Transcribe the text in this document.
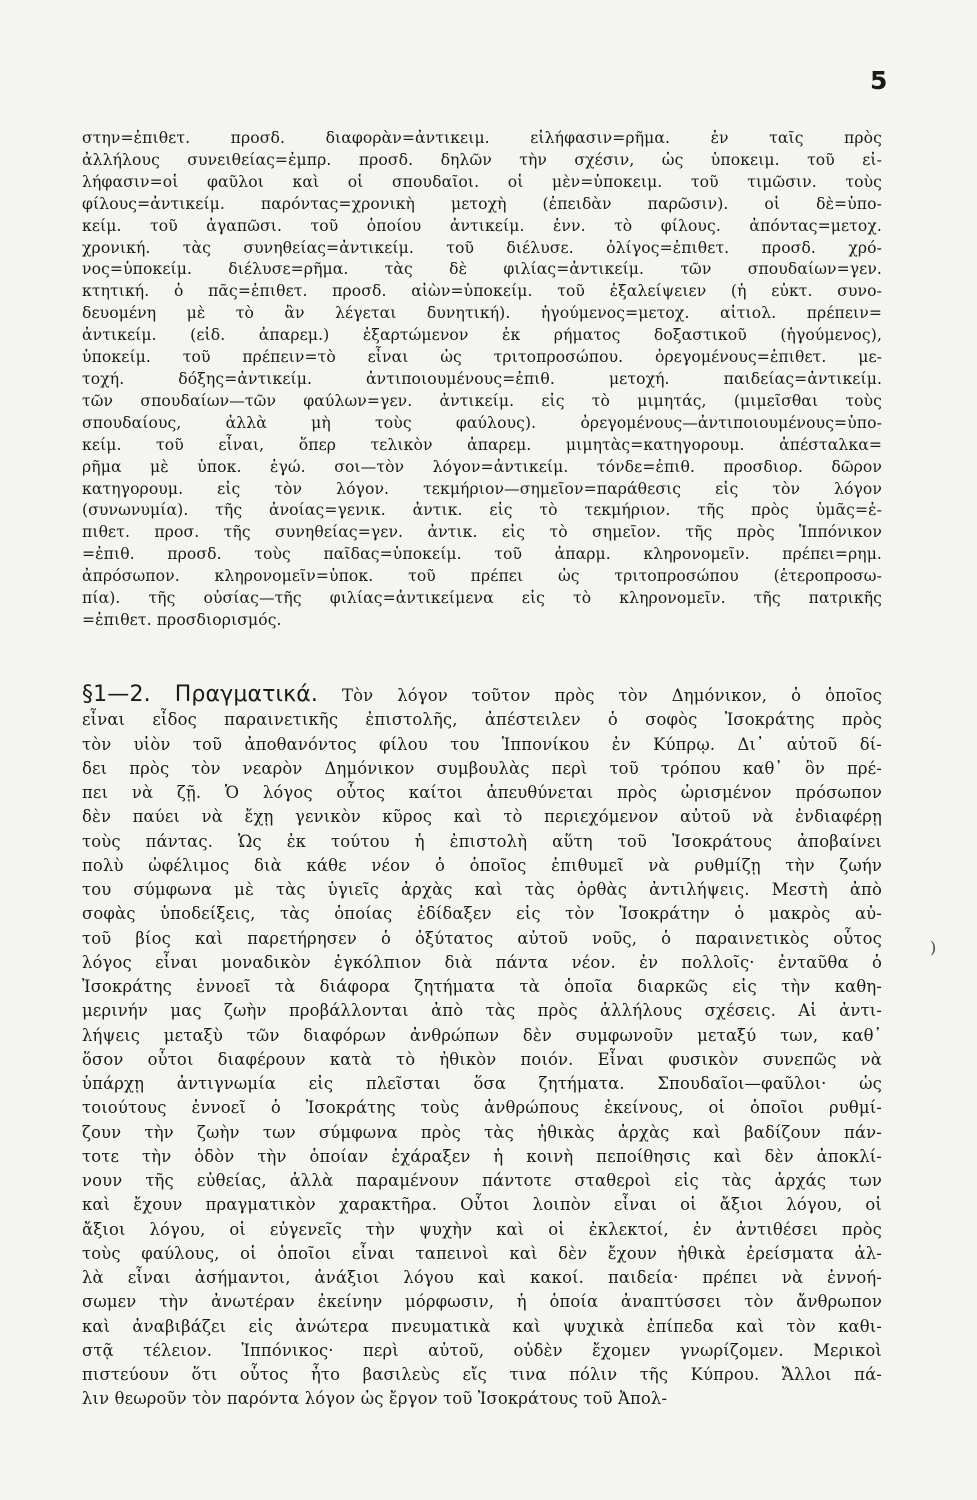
5
στην=ἐπιθετ. προσδ. διαφορὰν=ἀντικειμ. εἰλήφασιν=ρῆμα. ἐν ταῖς πρὸς
ἀλλήλους συνειθείας=ἐμπρ. προσδ. δηλῶν τὴν σχέσιν, ὡς ὑποκειμ. τοῦ εἰ-
λήφασιν=οἱ φαῦλοι καὶ οἱ σπουδαῖοι. οἱ μὲν=ὑποκειμ. τοῦ τιμῶσιν. τοὺς
φίλους=ἀντικείμ. παρόντας=χρονικὴ μετοχὴ (ἐπειδὰν παρῶσιν). οἱ δὲ=ὑπο-
κείμ. τοῦ ἀγαπῶσι. τοῦ ὁποίου ἀντικείμ. ἐνν. τὸ φίλους. ἀπόντας=μετοχ.
χρονική. τὰς συνηθείας=ἀντικείμ. τοῦ διέλυσε. ὀλίγος=ἐπιθετ. προσδ. χρό-
νος=ὑποκείμ. διέλυσε=ρῆμα. τὰς δὲ φιλίας=ἀντικείμ. τῶν σπουδαίων=γεν.
κτητική. ὁ πᾶς=ἐπιθετ. προσδ. αἰὼν=ὑποκείμ. τοῦ ἐξαλείψειεν (ἡ εὐκτ. συνο-
δευομένη μὲ τὸ ἂν λέγεται δυνητική). ἡγούμενος=μετοχ. αἰτιολ. πρέπειν=
ἀντικείμ. (εἰδ. ἀπαρεμ.) ἐξαρτώμενον ἐκ ρήματος δοξαστικοῦ (ἡγούμενος),
ὑποκείμ. τοῦ πρέπειν=τὸ εἶναι ὡς τριτοπροσώπου. ὀρεγομένους=ἐπιθετ. με-
τοχή. δόξης=ἀντικείμ. ἀντιποιουμένους=ἐπιθ. μετοχή. παιδείας=ἀντικείμ.
τῶν σπουδαίων—τῶν φαύλων=γεν. ἀντικείμ. εἰς τὸ μιμητάς, (μιμεῖσθαι τοὺς
σπουδαίους, ἀλλὰ μὴ τοὺς φαύλους). ὀρεγομένους—ἀντιποιουμένους=ὑπο-
κείμ. τοῦ εἶναι, ὅπερ τελικὸν ἀπαρεμ. μιμητὰς=κατηγορουμ. ἀπέσταλκα=
ρῆμα μὲ ὑποκ. ἐγώ. σοι—τὸν λόγον=ἀντικείμ. τόνδε=ἐπιθ. προσδιορ. δῶρον
κατηγορουμ. εἰς τὸν λόγον. τεκμήριον—σημεῖον=παράθεσις εἰς τὸν λόγον
(συνωνυμία). τῆς ἀνοίας=γενικ. ἀντικ. εἰς τὸ τεκμήριον. τῆς πρὸς ὑμᾶς=ἐ-
πιθετ. προσ. τῆς συνηθείας=γεν. ἀντικ. εἰς τὸ σημεῖον. τῆς πρὸς Ἱππόνικον
=ἐπιθ. προσδ. τοὺς παῖδας=ὑποκείμ. τοῦ ἀπαρμ. κληρονομεῖν. πρέπει=ρημ.
ἀπρόσωπον. κληρονομεῖν=ὑποκ. τοῦ πρέπει ὡς τριτοπροσώπου (ἑτεροπροσω-
πία). τῆς οὐσίας—τῆς φιλίας=ἀντικείμενα εἰς τὸ κληρονομεῖν. τῆς πατρικῆς
=ἐπιθετ. προσδιορισμός.
§1—2. Πραγματικά. Τὸν λόγον τοῦτον πρὸς τὸν Δημόνικον, ὁ ὁποῖος
εἶναι εἶδος παραινετικῆς ἐπιστολῆς, ἀπέστειλεν ὁ σοφὸς Ἰσοκράτης πρὸς
τὸν υἱὸν τοῦ ἀποθανόντος φίλου του Ἱππονίκου ἐν Κύπρῳ. Δι᾽ αὐτοῦ δί-
δει πρὸς τὸν νεαρὸν Δημόνικον συμβουλὰς περὶ τοῦ τρόπου καθ᾽ ὃν πρέ-
πει νὰ ζῇ. Ὁ λόγος οὗτος καίτοι ἀπευθύνεται πρὸς ὡρισμένον πρόσωπον
δὲν παύει νὰ ἔχῃ γενικὸν κῦρος καὶ τὸ περιεχόμενον αὐτοῦ νὰ ἐνδιαφέρῃ
τοὺς πάντας. Ὡς ἐκ τούτου ἡ ἐπιστολὴ αὕτη τοῦ Ἰσοκράτους ἀποβαίνει
πολὺ ὠφέλιμος διὰ κάθε νέον ὁ ὁποῖος ἐπιθυμεῖ νὰ ρυθμίζῃ τὴν ζωήν
του σύμφωνα μὲ τὰς ὑγιεῖς ἀρχὰς καὶ τὰς ὀρθὰς ἀντιλήψεις. Μεστὴ ἀπὸ
σοφὰς ὑποδείξεις, τὰς ὁποίας ἐδίδαξεν εἰς τὸν Ἰσοκράτην ὁ μακρὸς αὐ-
τοῦ βίος καὶ παρετήρησεν ὁ ὀξύτατος αὐτοῦ νοῦς, ὁ παραινετικὸς οὗτος
λόγος εἶναι μοναδικὸν ἐγκόλπιον διὰ πάντα νέον. ἐν πολλοῖς· ἐνταῦθα ὁ
Ἰσοκράτης ἐννοεῖ τὰ διάφορα ζητήματα τὰ ὁποῖα διαρκῶς εἰς τὴν καθη-
μερινήν μας ζωὴν προβάλλονται ἀπὸ τὰς πρὸς ἀλλήλους σχέσεις. Αἱ ἀντι-
λήψεις μεταξὺ τῶν διαφόρων ἀνθρώπων δὲν συμφωνοῦν μεταξύ των, καθ᾽
ὅσον οὗτοι διαφέρουν κατὰ τὸ ἠθικὸν ποιόν. Εἶναι φυσικὸν συνεπῶς νὰ
ὑπάρχῃ ἀντιγνωμία εἰς πλεῖσται ὅσα ζητήματα. Σπουδαῖοι—φαῦλοι· ὡς
τοιούτους ἐννοεῖ ὁ Ἰσοκράτης τοὺς ἀνθρώπους ἐκείνους, οἱ ὁποῖοι ρυθμί-
ζουν τὴν ζωὴν των σύμφωνα πρὸς τὰς ἠθικὰς ἀρχὰς καὶ βαδίζουν πάν-
τοτε τὴν ὁδὸν τὴν ὁποίαν ἐχάραξεν ἡ κοινὴ πεποίθησις καὶ δὲν ἀποκλί-
νουν τῆς εὐθείας, ἀλλὰ παραμένουν πάντοτε σταθεροὶ εἰς τὰς ἀρχάς των
καὶ ἔχουν πραγματικὸν χαρακτῆρα. Οὗτοι λοιπὸν εἶναι οἱ ἄξιοι λόγου, οἱ
ἄξιοι λόγου, οἱ εὐγενεῖς τὴν ψυχὴν καὶ οἱ ἐκλεκτοί, ἐν ἀντιθέσει πρὸς
τοὺς φαύλους, οἱ ὁποῖοι εἶναι ταπεινοὶ καὶ δὲν ἔχουν ἠθικὰ ἐρείσματα ἀλ-
λὰ εἶναι ἀσήμαντοι, ἀνάξιοι λόγου καὶ κακοί. παιδεία· πρέπει νὰ ἐννοή-
σωμεν τὴν ἀνωτέραν ἐκείνην μόρφωσιν, ἡ ὁποία ἀναπτύσσει τὸν ἄνθρωπον
καὶ ἀναβιβάζει εἰς ἀνώτερα πνευματικὰ καὶ ψυχικὰ ἐπίπεδα καὶ τὸν καθι-
στᾷ τέλειον. Ἱππόνικος· περὶ αὐτοῦ, οὐδὲν ἔχομεν γνωρίζομεν. Μερικοὶ
πιστεύουν ὅτι οὗτος ἦτο βασιλεὺς εἴς τινα πόλιν τῆς Κύπρου. Ἄλλοι πά-
λιν θεωροῦν τὸν παρόντα λόγον ὡς ἔργον τοῦ Ἰσοκράτους τοῦ Ἀπολ-
)
